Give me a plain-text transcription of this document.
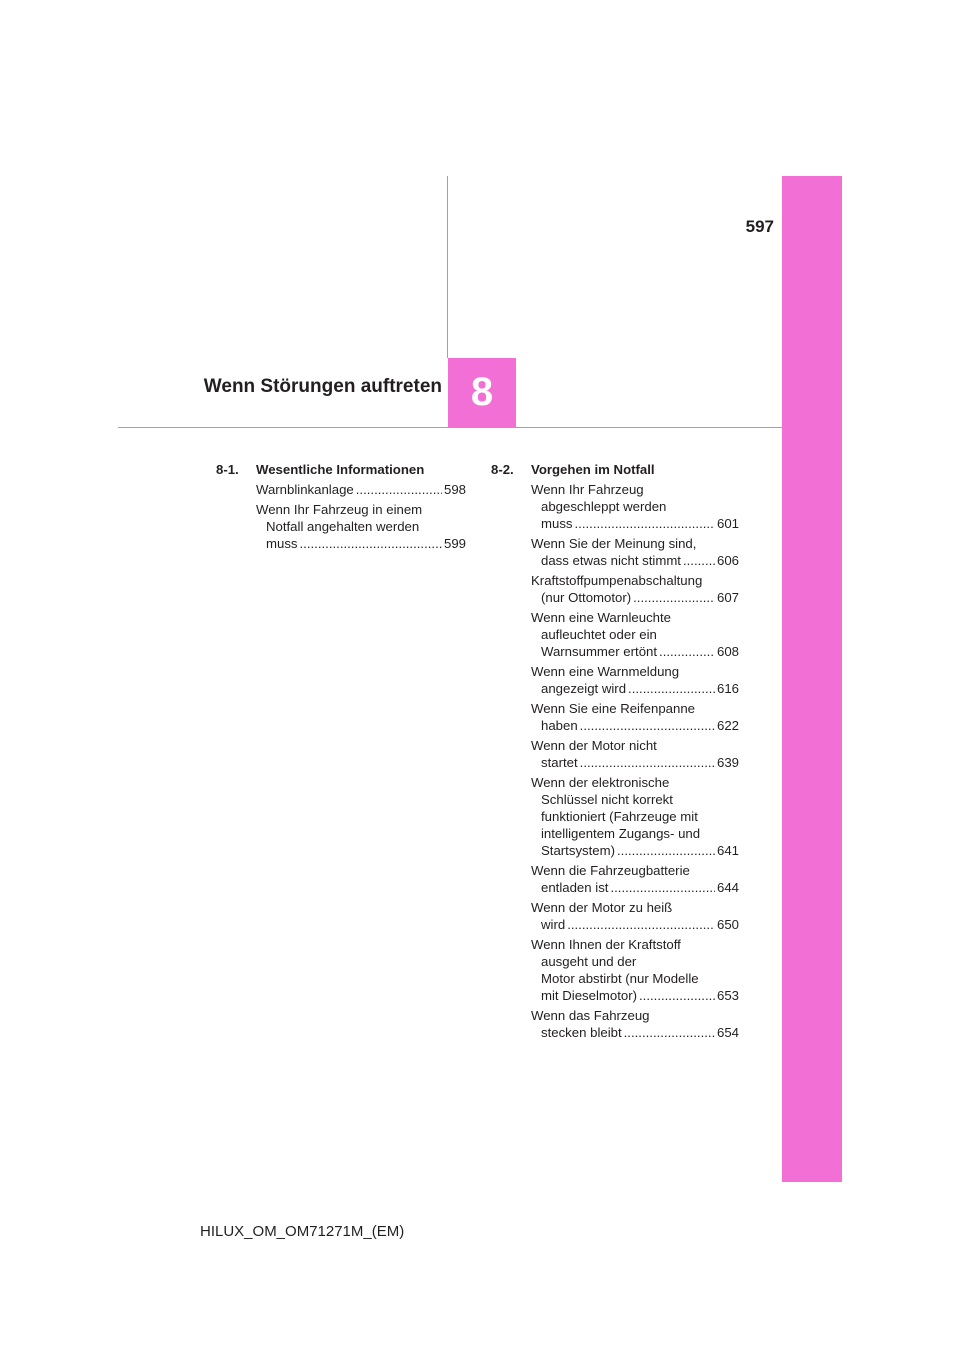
597
Wenn Störungen auftreten 8
8-1. Wesentliche Informationen
Warnblinkanlage .....	598
Wenn Ihr Fahrzeug in einem
Notfall angehalten werden
muss .....	599
8-2. Vorgehen im Notfall
Wenn Ihr Fahrzeug
abgeschleppt werden
muss .....	601
Wenn Sie der Meinung sind,
dass etwas nicht stimmt .....	606
Kraftstoffpumpenabschaltung
(nur Ottomotor) .....	607
Wenn eine Warnleuchte
aufleuchtet oder ein
Warnsummer ertönt .....	608
Wenn eine Warnmeldung
angezeigt wird .....	616
Wenn Sie eine Reifenpanne
haben .....	622
Wenn der Motor nicht
startet .....	639
Wenn der elektronische
Schlüssel nicht korrekt
funktioniert (Fahrzeuge mit
intelligentem Zugangs- und
Startsystem) .....	641
Wenn die Fahrzeugbatterie
entladen ist .....	644
Wenn der Motor zu heiß
wird .....	650
Wenn Ihnen der Kraftstoff
ausgeht und der
Motor abstirbt (nur Modelle
mit Dieselmotor) .....	653
Wenn das Fahrzeug
stecken bleibt .....	654
HILUX_OM_OM71271M_(EM)
